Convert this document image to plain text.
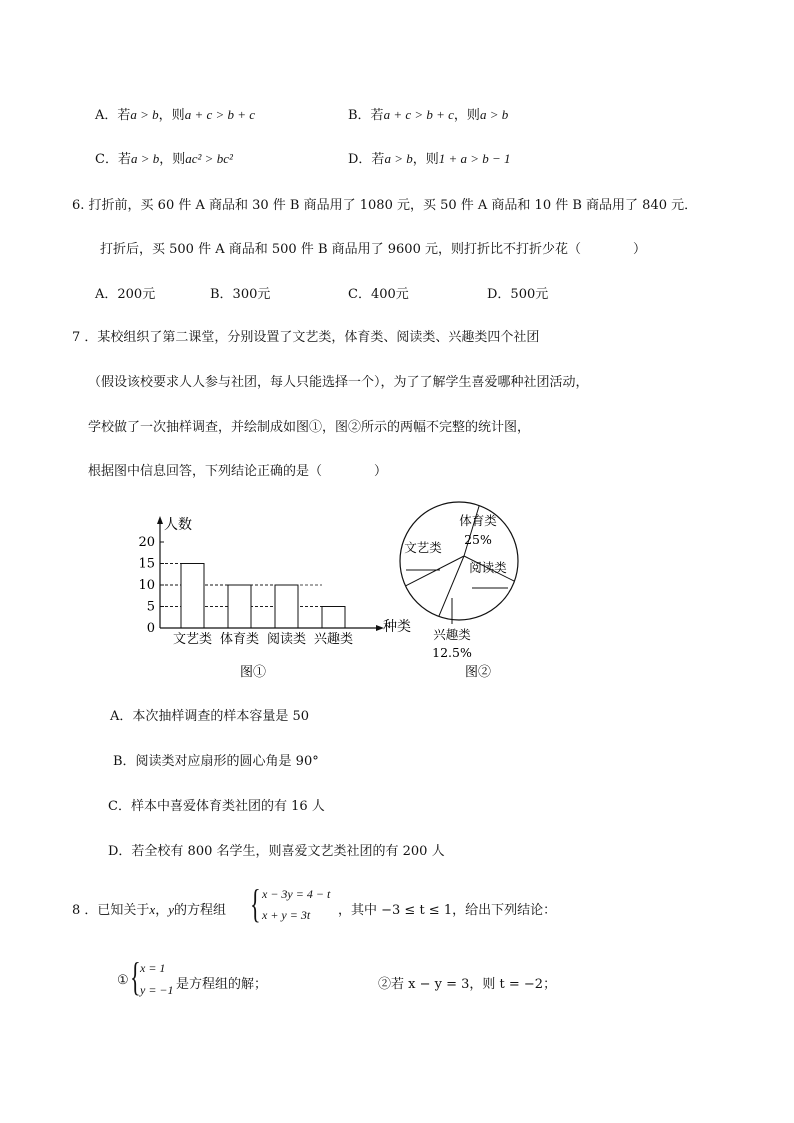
A．若a > b，则a + c > b + c	B．若a + c > b + c，则a > b
C．若a > b，则ac² > bc²	D．若a > b，则1 + a > b − 1
6. 打折前，买 60 件 A 商品和 30 件 B 商品用了 1080 元，买 50 件 A 商品和 10 件 B 商品用了 840 元．
打折后，买 500 件 A 商品和 500 件 B 商品用了 9600 元，则打折比不打折少花（　　　　）
A．200元	B．300元	C．400元	D．500元
7 ．某校组织了第二课堂，分别设置了文艺类，体育类、阅读类、兴趣类四个社团
（假设该校要求人人参与社团，每人只能选择一个），为了了解学生喜爱哪种社团活动，
学校做了一次抽样调查，并绘制成如图①，图②所示的两幅不完整的统计图，
根据图中信息回答，下列结论正确的是（　　　　）
兴趣类
阅读类
体育类
文艺类
20
15
10
5
0
人数
种类
图①
体育类
25%
文艺类
阅读类
兴趣类
12.5%
图②
A．本次抽样调查的样本容量是 50
B．阅读类对应扇形的圆心角是 90°
C．样本中喜爱体育类社团的有 16 人
D．若全校有 800 名学生，则喜爱文艺类社团的有 200 人
8 ．已知关于x，y的方程组 { x − 3y = 4 − t
x + y = 3t ，其中 −3 ≤ t ≤ 1，给出下列结论：
① { x = 1
y = −1 是方程组的解；	②若 x − y = 3，则 t = −2；
